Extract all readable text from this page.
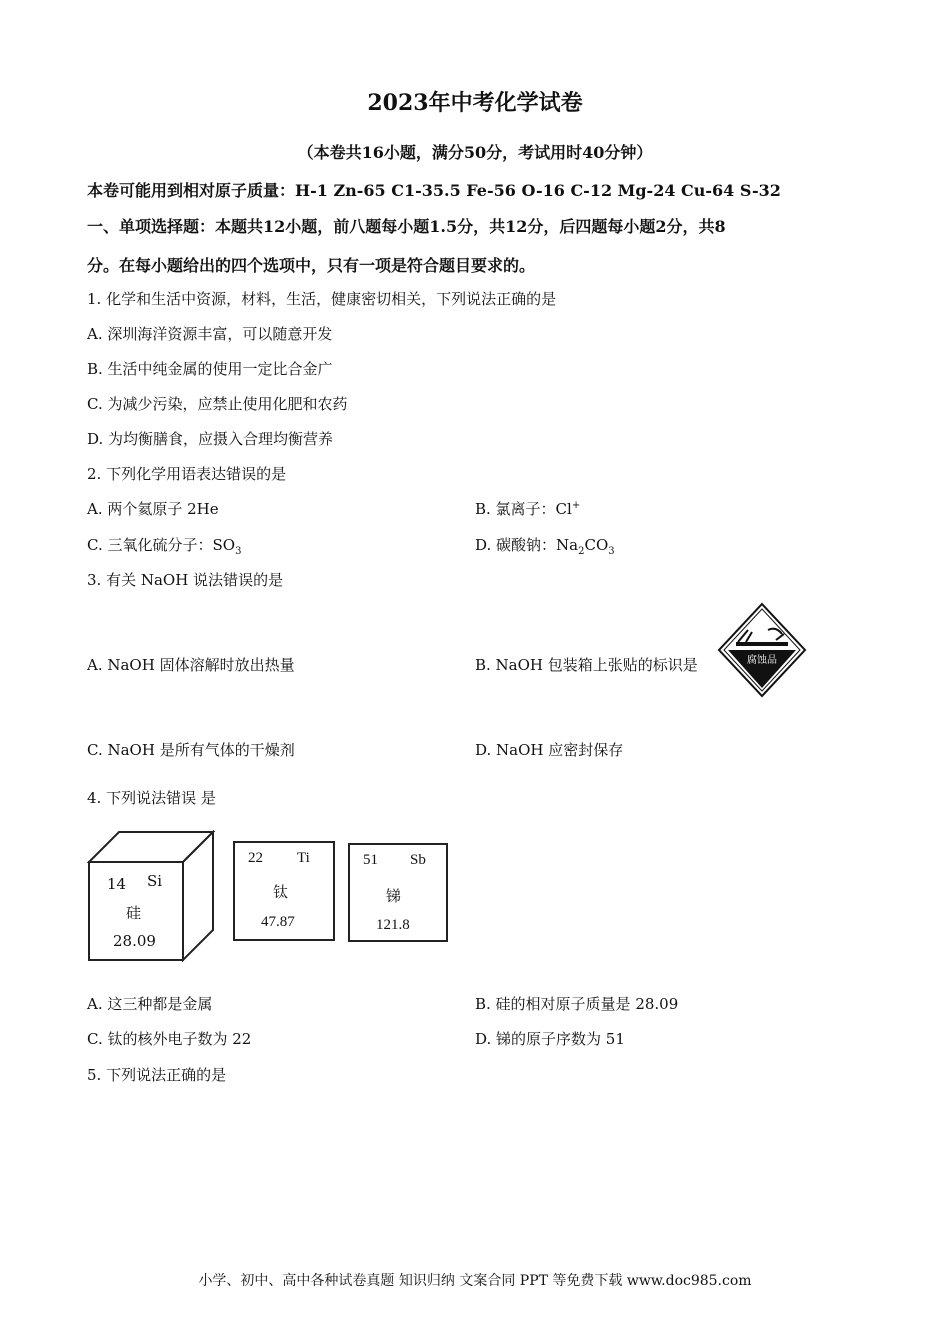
2023年中考化学试卷
（本卷共16小题，满分50分，考试用时40分钟）
本卷可能用到相对原子质量：H-1 Zn-65 C1-35.5 Fe-56 O-16 C-12 Mg-24 Cu-64 S-32
一、单项选择题：本题共12小题，前八题每小题1.5分，共12分，后四题每小题2分，共8
分。在每小题给出的四个选项中，只有一项是符合题目要求的。
1. 化学和生活中资源，材料，生活，健康密切相关，下列说法正确的是
A. 深圳海洋资源丰富，可以随意开发
B. 生活中纯金属的使用一定比合金广
C. 为减少污染，应禁止使用化肥和农药
D. 为均衡膳食，应摄入合理均衡营养
2. 下列化学用语表达错误的是
A. 两个氦原子 2He	B. 氯离子：Cl+
C. 三氧化硫分子：$SO_3$	D. 碳酸钠：$Na_2CO_3$
3. 有关 NaOH 说法错误的是
A. NaOH 固体溶解时放出热量	B. NaOH 包装箱上张贴的标识是	腐蚀品
C. NaOH 是所有气体的干燥剂	D. NaOH 应密封保存
4. 下列说法错误 是
14 Si
硅
28.09
22 Ti
钛
47.87
51 Sb
锑
121.8
A. 这三种都是金属	B. 硅的相对原子质量是 28.09
C. 钛的核外电子数为 22	D. 锑的原子序数为 51
5. 下列说法正确的是
小学、初中、高中各种试卷真题 知识归纳 文案合同 PPT 等免费下载 www.doc985.com
